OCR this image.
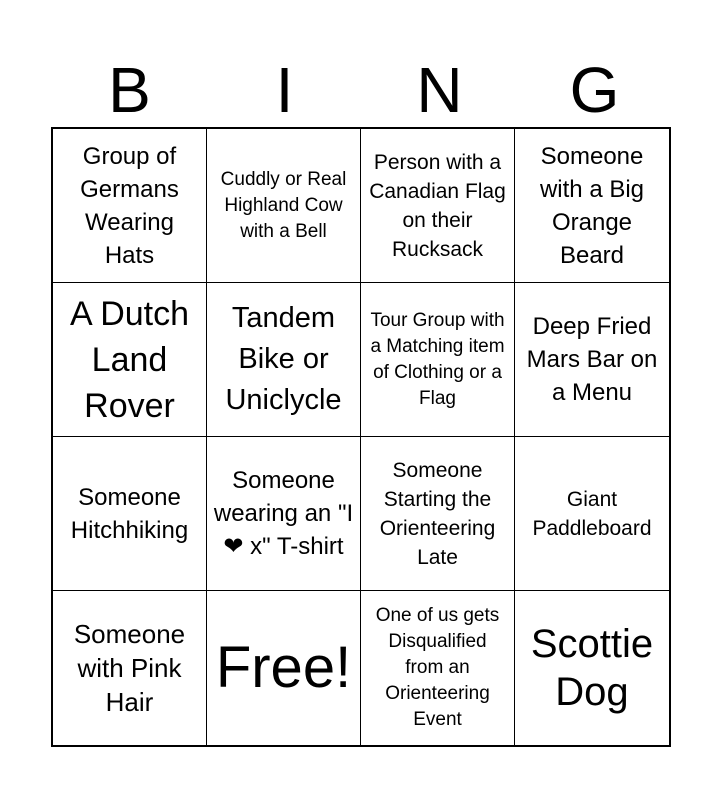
B	I	N	G
Group of Germans Wearing Hats
Cuddly or Real Highland Cow with a Bell
Person with a Canadian Flag on their Rucksack
Someone with a Big Orange Beard
A Dutch Land Rover
Tandem Bike or Uniclycle
Tour Group with a Matching item of Clothing or a Flag
Deep Fried Mars Bar on a Menu
Someone Hitchhiking
Someone wearing an "I ❤ x" T-shirt
Someone Starting the Orienteering Late
Giant Paddleboard
Someone with Pink Hair
Free!
One of us gets Disqualified from an Orienteering Event
Scottie Dog
